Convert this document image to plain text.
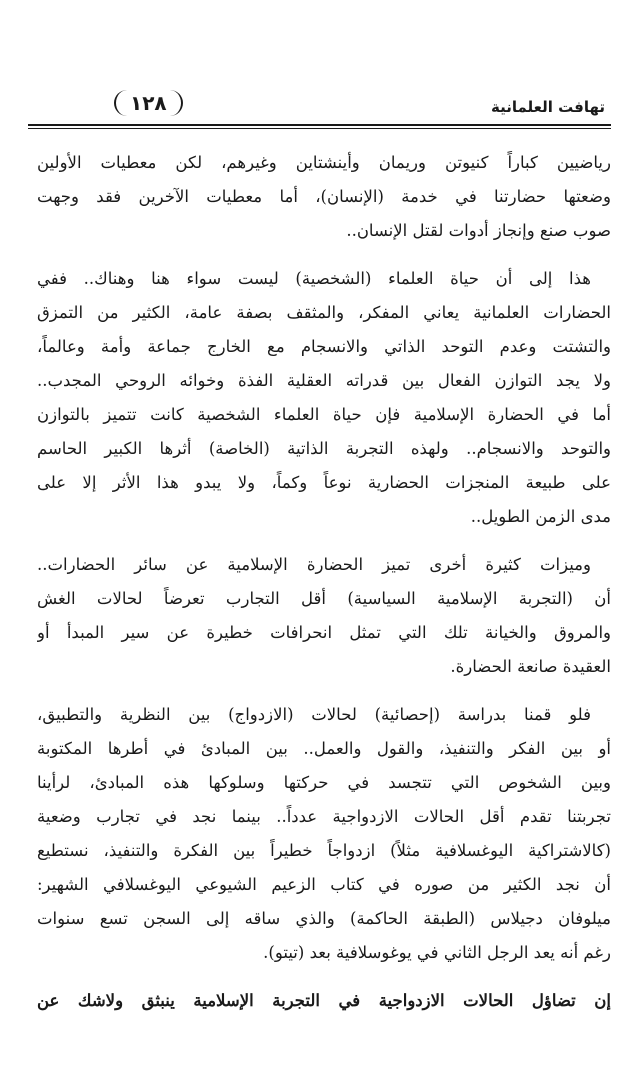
تهافت العلمانية
١٢٨
رياضيين كباراً كنيوتن وريمان وأينشتاين وغيرهم، لكن معطيات الأولين
وضعتها حضارتنا في خدمة (الإنسان)، أما معطيات الآخرين فقد وجهت
صوب صنع وإنجاز أدوات لقتل الإنسان..
هذا إلى أن حياة العلماء (الشخصية) ليست سواء هنا وهناك.. ففي
الحضارات العلمانية يعاني المفكر، والمثقف بصفة عامة، الكثير من التمزق
والتشتت وعدم التوحد الذاتي والانسجام مع الخارج جماعة وأمة وعالماً،
ولا يجد التوازن الفعال بين قدراته العقلية الفذة وخوائه الروحي المجدب..
أما في الحضارة الإسلامية فإن حياة العلماء الشخصية كانت تتميز بالتوازن
والتوحد والانسجام.. ولهذه التجربة الذاتية (الخاصة) أثرها الكبير الحاسم
على طبيعة المنجزات الحضارية نوعاً وكماً، ولا يبدو هذا الأثر إلا على
مدى الزمن الطويل..
وميزات كثيرة أخرى تميز الحضارة الإسلامية عن سائر الحضارات..
أن (التجربة الإسلامية السياسية) أقل التجارب تعرضاً لحالات الغش
والمروق والخيانة تلك التي تمثل انحرافات خطيرة عن سير المبدأ أو
العقيدة صانعة الحضارة.
فلو قمنا بدراسة (إحصائية) لحالات (الازدواج) بين النظرية والتطبيق،
أو بين الفكر والتنفيذ، والقول والعمل.. بين المبادئ في أطرها المكتوبة
وبين الشخوص التي تتجسد في حركتها وسلوكها هذه المبادئ، لرأينا
تجربتنا تقدم أقل الحالات الازدواجية عدداً.. بينما نجد في تجارب وضعية
(كالاشتراكية اليوغسلافية مثلاً) ازدواجاً خطيراً بين الفكرة والتنفيذ، نستطيع
أن نجد الكثير من صوره في كتاب الزعيم الشيوعي اليوغسلافي الشهير:
ميلوفان دجيلاس (الطبقة الحاكمة) والذي ساقه إلى السجن تسع سنوات
رغم أنه يعد الرجل الثاني في يوغوسلافية بعد (تيتو).
إن تضاؤل الحالات الازدواجية في التجربة الإسلامية ينبثق ولاشك عن
